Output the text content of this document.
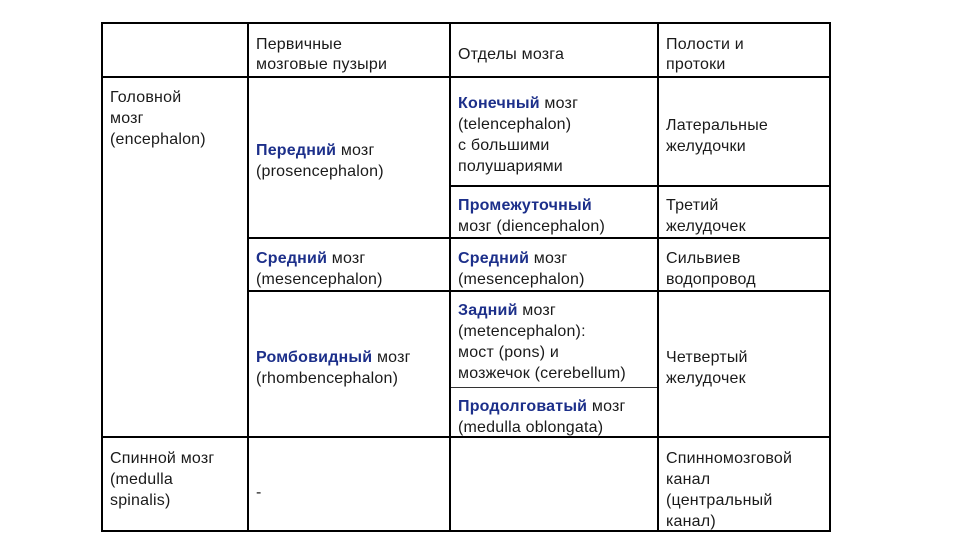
Первичные
мозговые пузыри
Отделы мозга
Полости и
протоки
Головной
мозг
(encephalon)
Спинной мозг
(medulla
spinalis)
Передний мозг
(prosencephalon)
Средний мозг
(mesencephalon)
Ромбовидный мозг
(rhombencephalon)
-
Конечный мозг
(telencephalon)
с большими
полушариями
Промежуточный
мозг (diencephalon)
Средний мозг
(mesencephalon)
Задний мозг
(metencephalon):
мост (pons) и
мозжечок (cerebellum)
Продолговатый мозг
(medulla oblongata)
Латеральные
желудочки
Третий
желудочек
Сильвиев
водопровод
Четвертый
желудочек
Спинномозговой
канал
(центральный
канал)
